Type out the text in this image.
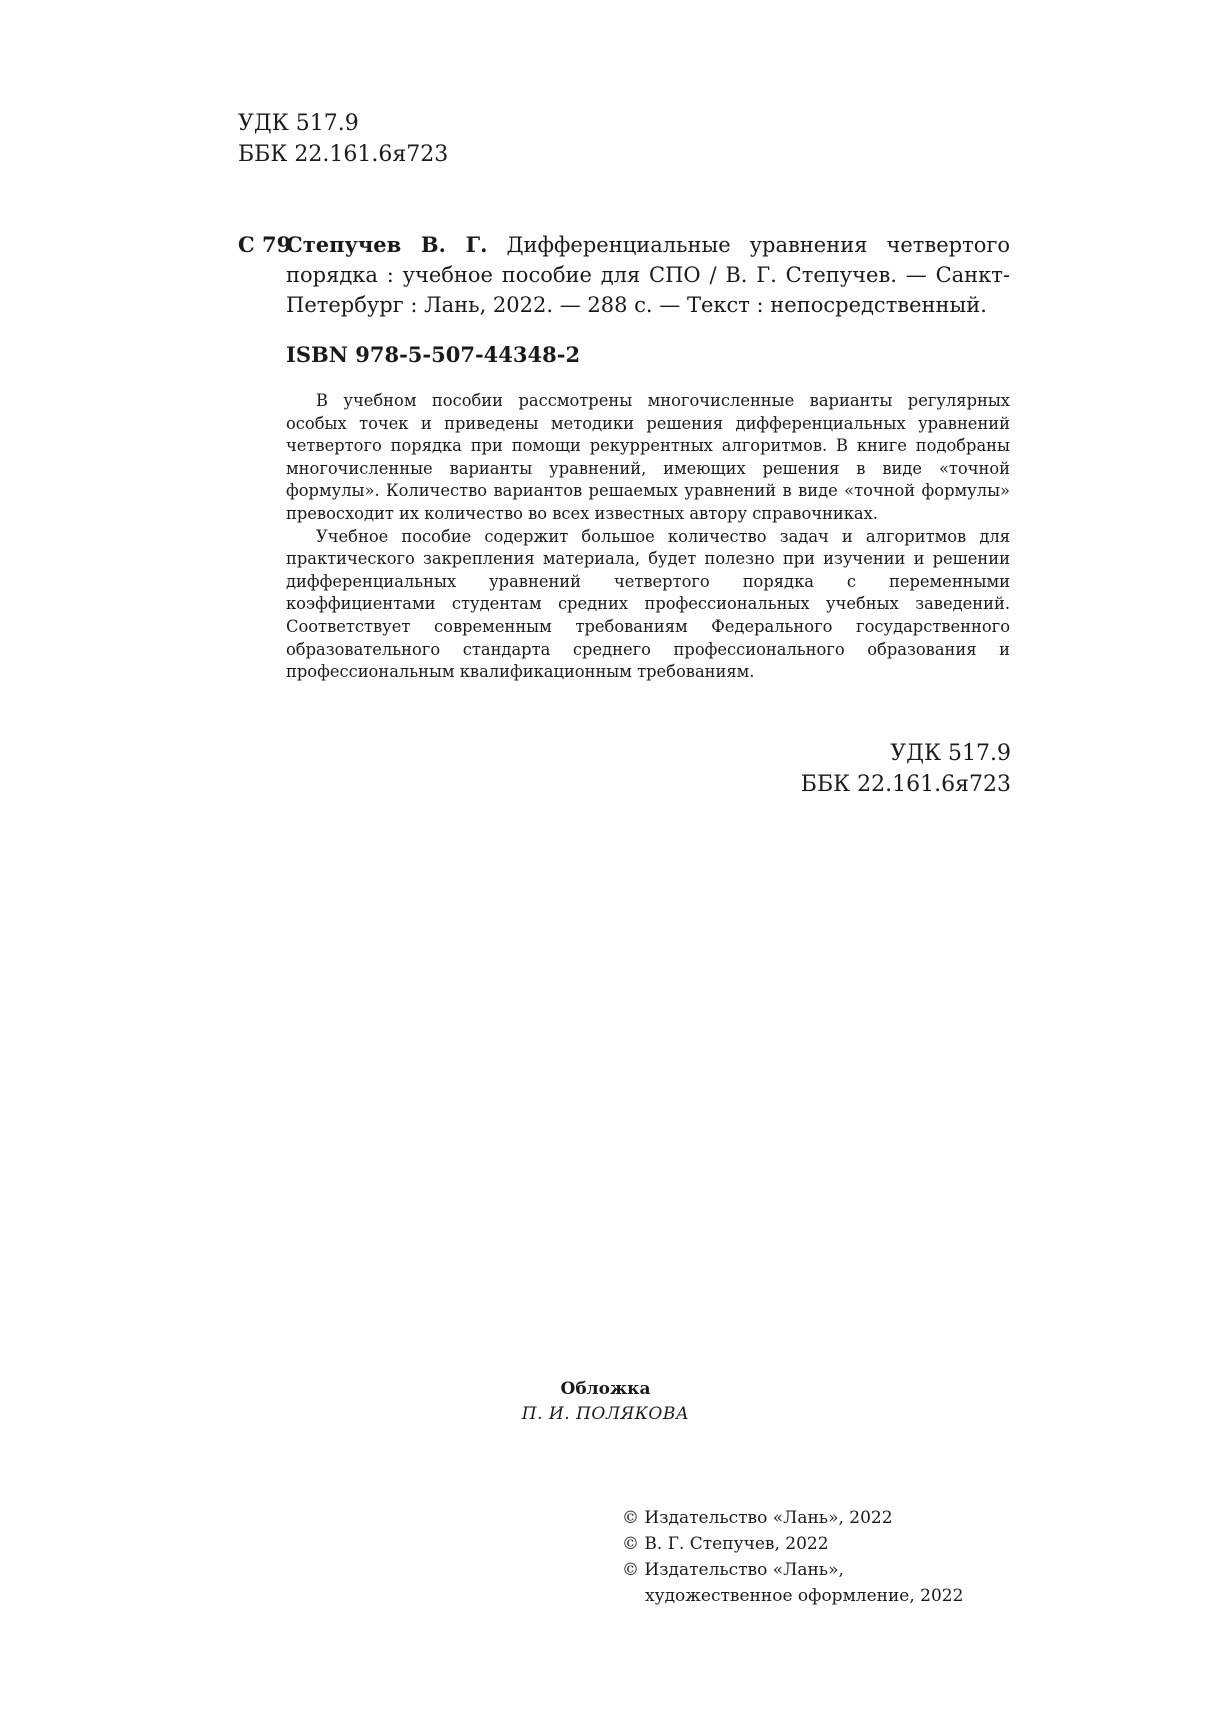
УДК 517.9
ББК 22.161.6я723
С 79
Степучев В. Г. Дифференциальные уравнения четвертого порядка : учебное пособие для СПО / В. Г. Степучев. — Санкт-Петербург : Лань, 2022. — 288 с. — Текст : непосредственный.
ISBN 978-5-507-44348-2

В учебном пособии рассмотрены многочисленные варианты регулярных особых точек и приведены методики решения дифференциальных уравнений четвертого порядка при помощи рекуррентных алгоритмов. В книге подобраны многочисленные варианты уравнений, имеющих решения в виде «точной формулы». Количество вариантов решаемых уравнений в виде «точной формулы» превосходит их количество во всех известных автору справочниках.

Учебное пособие содержит большое количество задач и алгоритмов для практического закрепления материала, будет полезно при изучении и решении дифференциальных уравнений четвертого порядка с переменными коэффициентами студентам средних профессиональных учебных заведений. Соответствует современным требованиям Федерального государственного образовательного стандарта среднего профессионального образования и профессиональным квалификационным требованиям.

УДК 517.9
ББК 22.161.6я723
Обложка
П. И. ПОЛЯКОВА
© Издательство «Лань», 2022
© В. Г. Степучев, 2022
© Издательство «Лань»,
художественное оформление, 2022
